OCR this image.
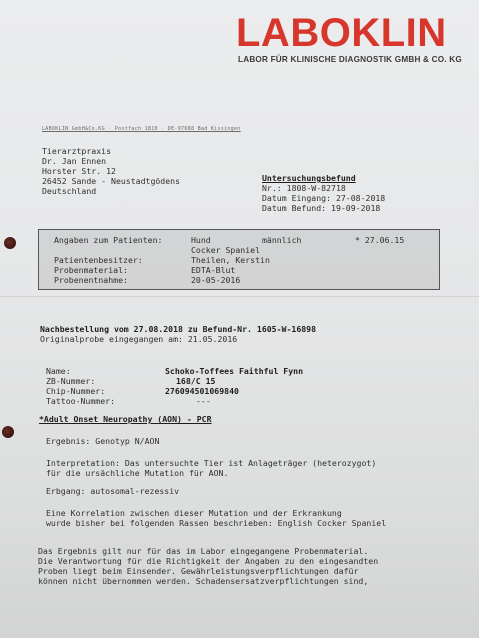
LABOKLIN
LABOR FÜR KLINISCHE DIAGNOSTIK GMBH & CO. KG
LABOKLIN GmbH&Co.KG · Postfach 1810 · DE-97688 Bad Kissingen
Tierarztpraxis
Dr. Jan Ennen
Horster Str. 12
26452 Sande - Neustadtgödens
Deutschland
Untersuchungsbefund
Nr.: 1808-W-82718
Datum Eingang: 27-08-2018
Datum Befund: 19-09-2018
Angaben zum Patienten:

Patientenbesitzer:
Probenmaterial:
Probenentnahme:
Hund
Cocker Spaniel
Theilen, Kerstin
EDTA-Blut
20-05-2016
männlich	* 27.06.15
Nachbestellung vom 27.08.2018 zu Befund-Nr. 1605-W-16898
Originalprobe eingegangen am: 21.05.2016
Name:
ZB-Nummer:
Chip-Nummer:
Tattoo-Nummer:
Schoko-Toffees Faithful Fynn
168/C 15
276094501069840
---
*Adult Onset Neuropathy (AON) - PCR
Ergebnis: Genotyp N/AON
Interpretation: Das untersuchte Tier ist Anlageträger (heterozygot)
für die ursächliche Mutation für AON.
Erbgang: autosomal-rezessiv
Eine Korrelation zwischen dieser Mutation und der Erkrankung
wurde bisher bei folgenden Rassen beschrieben: English Cocker Spaniel
Das Ergebnis gilt nur für das im Labor eingegangene Probenmaterial.
Die Verantwortung für die Richtigkeit der Angaben zu den eingesandten
Proben liegt beim Einsender. Gewährleistungsverpflichtungen dafür
können nicht übernommen werden. Schadensersatzverpflichtungen sind,
